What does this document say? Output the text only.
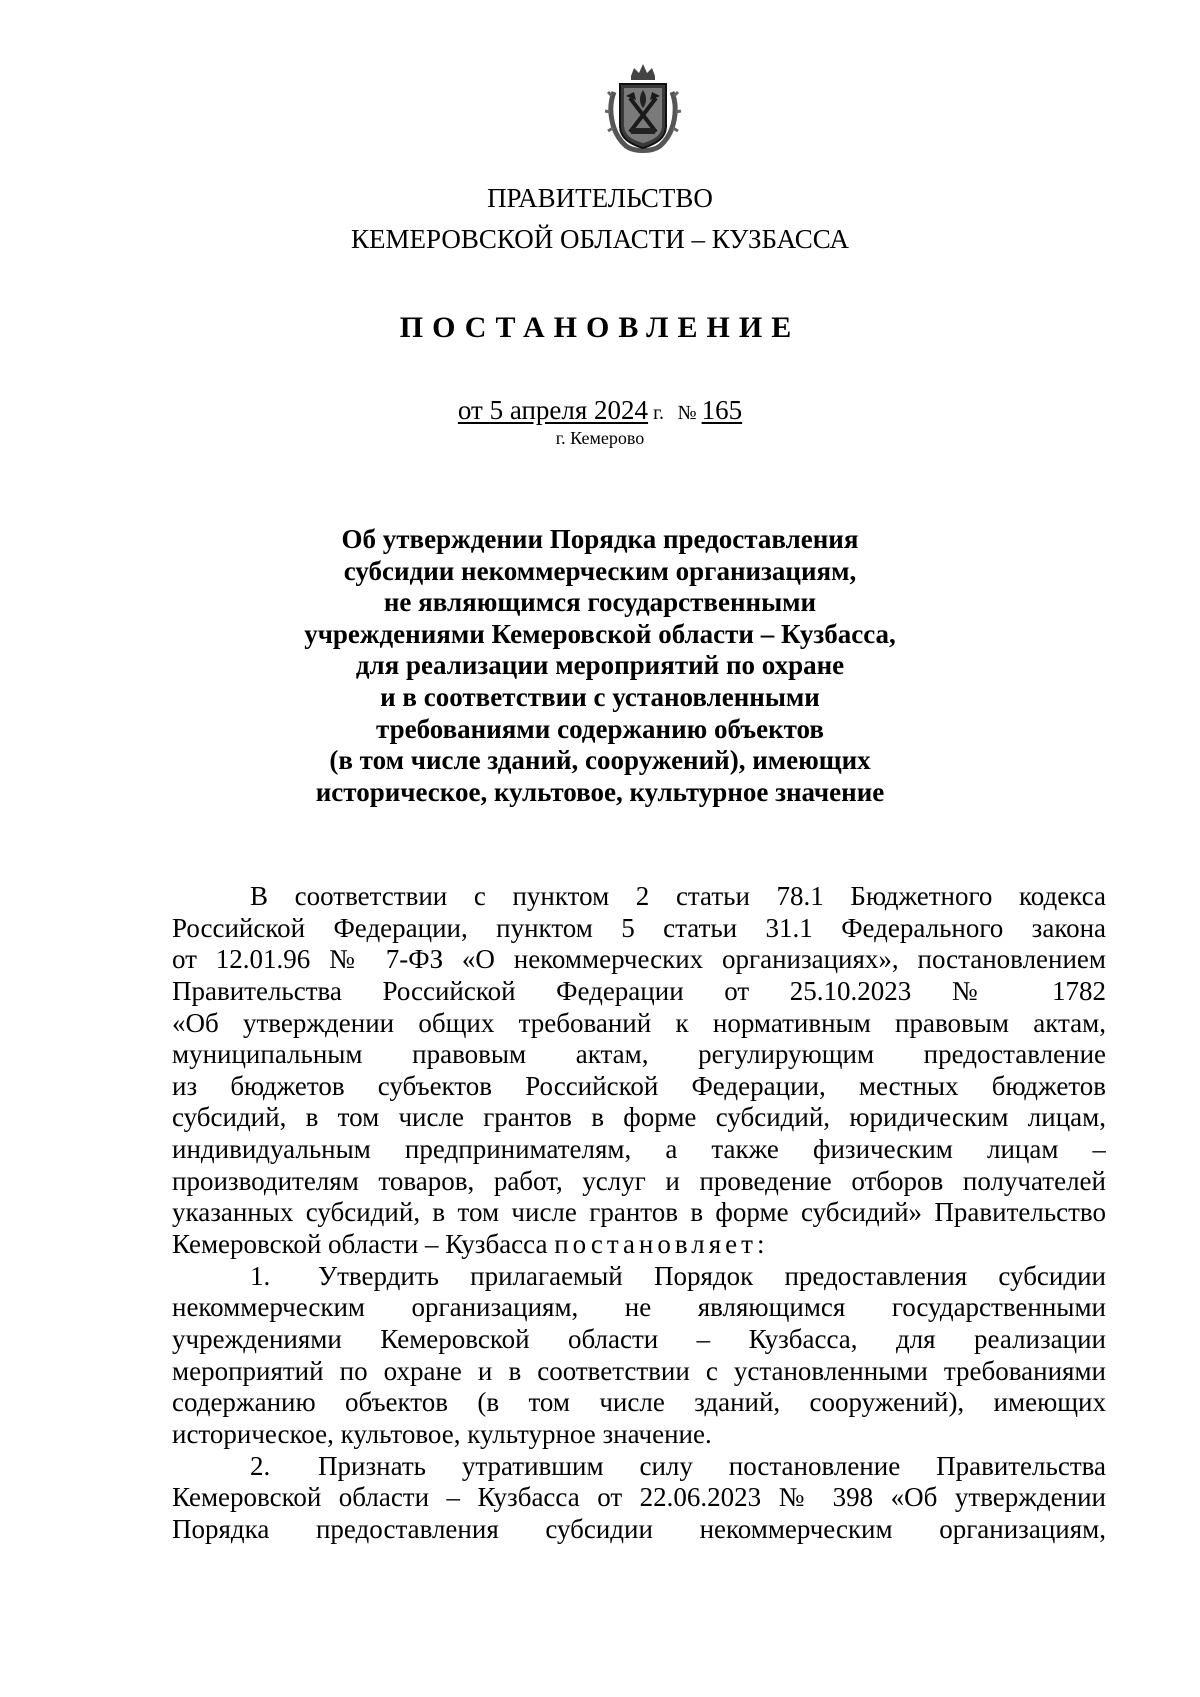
ПРАВИТЕЛЬСТВО
КЕМЕРОВСКОЙ ОБЛАСТИ – КУЗБАССА
ПОСТАНОВЛЕНИЕ
от 5 апреля 2024 г. № 165
г. Кемерово
Об утверждении Порядка предоставления
субсидии некоммерческим организациям,
не являющимся государственными
учреждениями Кемеровской области – Кузбасса,
для реализации мероприятий по охране
и в соответствии с установленными
требованиями содержанию объектов
(в том числе зданий, сооружений), имеющих
историческое, культовое, культурное значение
В соответствии с пунктом 2 статьи 78.1 Бюджетного кодекса
Российской Федерации, пунктом 5 статьи 31.1 Федерального закона
от 12.01.96 № 7-ФЗ «О некоммерческих организациях», постановлением
Правительства Российской Федерации от 25.10.2023 № 1782
«Об утверждении общих требований к нормативным правовым актам,
муниципальным правовым актам, регулирующим предоставление
из бюджетов субъектов Российской Федерации, местных бюджетов
субсидий, в том числе грантов в форме субсидий, юридическим лицам,
индивидуальным предпринимателям, а также физическим лицам –
производителям товаров, работ, услуг и проведение отборов получателей
указанных субсидий, в том числе грантов в форме субсидий» Правительство
Кемеровской области – Кузбасса постановляет:
1. Утвердить прилагаемый Порядок предоставления субсидии
некоммерческим организациям, не являющимся государственными
учреждениями Кемеровской области – Кузбасса, для реализации
мероприятий по охране и в соответствии с установленными требованиями
содержанию объектов (в том числе зданий, сооружений), имеющих
историческое, культовое, культурное значение.
2. Признать утратившим силу постановление Правительства
Кемеровской области – Кузбасса от 22.06.2023 № 398 «Об утверждении
Порядка предоставления субсидии некоммерческим организациям,
